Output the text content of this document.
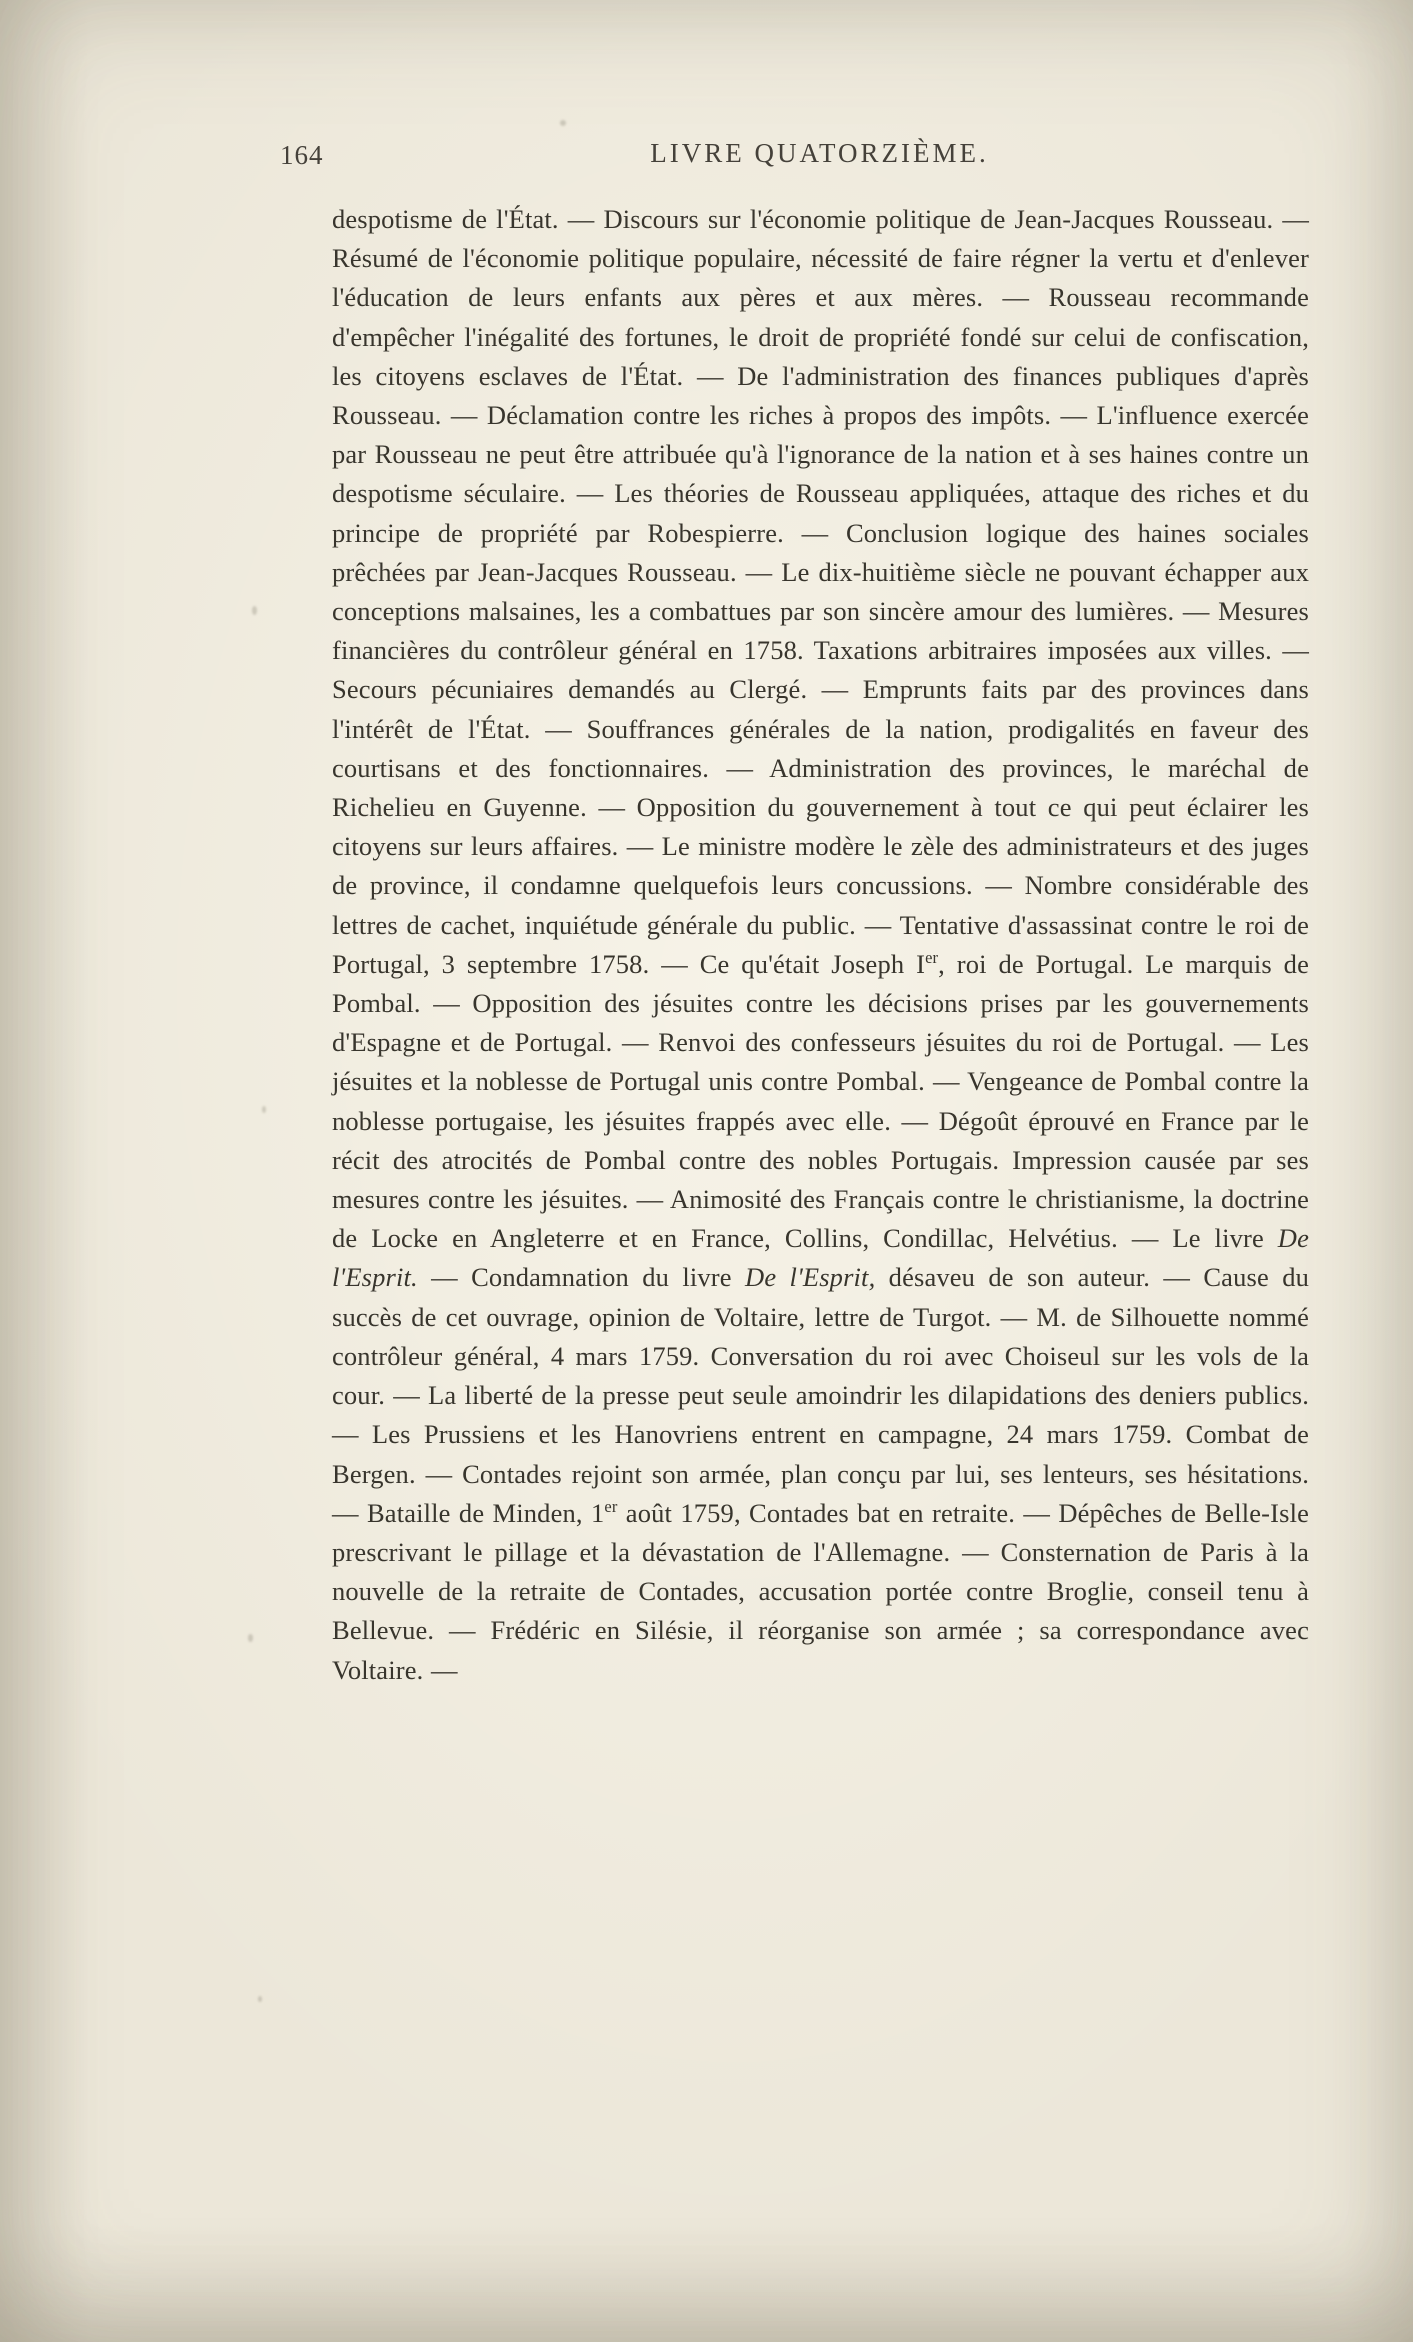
164	LIVRE QUATORZIÈME.

despotisme de l'État. — Discours sur l'économie politique de Jean-Jacques Rousseau. — Résumé de l'économie politique populaire, nécessité de faire régner la vertu et d'enlever l'éducation de leurs enfants aux pères et aux mères. — Rousseau recommande d'empêcher l'inégalité des fortunes, le droit de propriété fondé sur celui de confiscation, les citoyens esclaves de l'État. — De l'administration des finances publiques d'après Rousseau. — Déclamation contre les riches à propos des impôts. — L'influence exercée par Rousseau ne peut être attribuée qu'à l'ignorance de la nation et à ses haines contre un despotisme séculaire. — Les théories de Rousseau appliquées, attaque des riches et du principe de propriété par Robespierre. — Conclusion logique des haines sociales prêchées par Jean-Jacques Rousseau. — Le dix-huitième siècle ne pouvant échapper aux conceptions malsaines, les a combattues par son sincère amour des lumières. — Mesures financières du contrôleur général en 1758. Taxations arbitraires imposées aux villes. — Secours pécuniaires demandés au Clergé. — Emprunts faits par des provinces dans l'intérêt de l'État. — Souffrances générales de la nation, prodigalités en faveur des courtisans et des fonctionnaires. — Administration des provinces, le maréchal de Richelieu en Guyenne. — Opposition du gouvernement à tout ce qui peut éclairer les citoyens sur leurs affaires. — Le ministre modère le zèle des administrateurs et des juges de province, il condamne quelquefois leurs concussions. — Nombre considérable des lettres de cachet, inquiétude générale du public. — Tentative d'assassinat contre le roi de Portugal, 3 septembre 1758. — Ce qu'était Joseph Ier, roi de Portugal. Le marquis de Pombal. — Opposition des jésuites contre les décisions prises par les gouvernements d'Espagne et de Portugal. — Renvoi des confesseurs jésuites du roi de Portugal. — Les jésuites et la noblesse de Portugal unis contre Pombal. — Vengeance de Pombal contre la noblesse portugaise, les jésuites frappés avec elle. — Dégoût éprouvé en France par le récit des atrocités de Pombal contre des nobles Portugais. Impression causée par ses mesures contre les jésuites. — Animosité des Français contre le christianisme, la doctrine de Locke en Angleterre et en France, Collins, Condillac, Helvétius. — Le livre De l'Esprit. — Condamnation du livre De l'Esprit, désaveu de son auteur. — Cause du succès de cet ouvrage, opinion de Voltaire, lettre de Turgot. — M. de Silhouette nommé contrôleur général, 4 mars 1759. Conversation du roi avec Choiseul sur les vols de la cour. — La liberté de la presse peut seule amoindrir les dilapidations des deniers publics. — Les Prussiens et les Hanovriens entrent en campagne, 24 mars 1759. Combat de Bergen. — Contades rejoint son armée, plan conçu par lui, ses lenteurs, ses hésitations. — Bataille de Minden, 1er août 1759, Contades bat en retraite. — Dépêches de Belle-Isle prescrivant le pillage et la dévastation de l'Allemagne. — Consternation de Paris à la nouvelle de la retraite de Contades, accusation portée contre Broglie, conseil tenu à Bellevue. — Frédéric en Silésie, il réorganise son armée ; sa correspondance avec Voltaire. —
